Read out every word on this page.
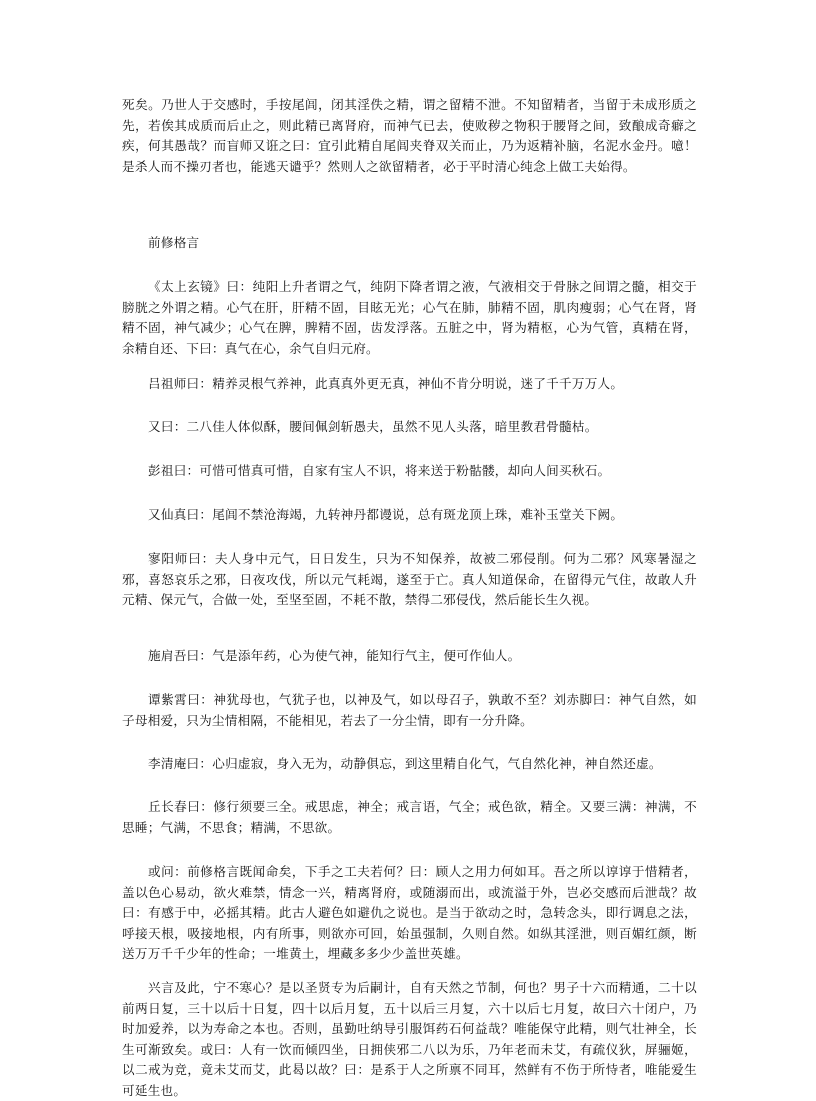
死矣。乃世人于交感时，手按尾闾，闭其淫佚之精，谓之留精不泄。不知留精者，当留于未成形质之先，若俟其成质而后止之，则此精已离肾府，而神气已去，使败秽之物积于腰肾之间，致酿成奇癖之疾，何其愚哉？而盲师又诳之曰：宜引此精自尾闾夹脊双关而止，乃为返精补脑，名泥水金丹。噫！是杀人而不操刃者也，能逃天谴乎？然则人之欲留精者，必于平时清心纯念上做工夫始得。

前修格言

《太上玄镜》曰：纯阳上升者谓之气，纯阴下降者谓之液，气液相交于骨脉之间谓之髓，相交于膀胱之外谓之精。心气在肝，肝精不固，目眩无光；心气在肺，肺精不固，肌肉瘦弱；心气在肾，肾精不固，神气减少；心气在脾，脾精不固，齿发浮落。五脏之中，肾为精枢，心为气管，真精在肾，余精自还、下曰：真气在心，余气自归元府。

吕祖师曰：精养灵根气养神，此真真外更无真，神仙不肯分明说，迷了千千万万人。

又曰：二八佳人体似酥，腰间佩剑斩愚夫，虽然不见人头落，暗里教君骨髓枯。

彭祖曰：可惜可惜真可惜，自家有宝人不识，将来送于粉骷髅，却向人间买秋石。

又仙真曰：尾闾不禁沧海竭，九转神丹都谩说，总有斑龙顶上珠，难补玉堂关下阙。

寥阳师曰：夫人身中元气，日日发生，只为不知保养，故被二邪侵削。何为二邪？风寒暑湿之邪，喜怒哀乐之邪，日夜攻伐，所以元气耗竭，遂至于亡。真人知道保命，在留得元气住，故敢人升元精、保元气，合做一处，至坚至固，不耗不散，禁得二邪侵伐，然后能长生久视。

施肩吾曰：气是添年药，心为使气神，能知行气主，便可作仙人。

谭紫霄曰：神犹母也，气犹子也，以神及气，如以母召子，孰敢不至？刘赤脚曰：神气自然，如子母相爱，只为尘情相隔，不能相见，若去了一分尘情，即有一分升降。

李清庵曰：心归虚寂，身入无为，动静俱忘，到这里精自化气，气自然化神，神自然还虚。

丘长春曰：修行须要三全。戒思虑，神全；戒言语，气全；戒色欲，精全。又要三满：神满，不思睡；气满，不思食；精满，不思欲。

或问：前修格言既闻命矣，下手之工夫若何？曰：顾人之用力何如耳。吾之所以谆谆于惜精者，盖以色心易动，欲火难禁，情念一兴，精离肾府，或随溺而出，或流溢于外，岂必交感而后泄哉？故曰：有感于中，必摇其精。此古人避色如避仇之说也。是当于欲动之时，急转念头，即行调息之法，呼接天根，吸接地根，内有所事，则欲亦可回，始虽强制，久则自然。如纵其淫泄，则百媚红颜，断送万万千千少年的性命；一堆黄土，埋藏多多少少盖世英雄。

兴言及此，宁不寒心？是以圣贤专为后嗣计，自有天然之节制，何也？男子十六而精通，二十以前两日复，三十以后十日复，四十以后月复，五十以后三月复，六十以后七月复，故曰六十闭户，乃时加爱养，以为寿命之本也。否则，虽勤吐纳导引服饵药石何益哉？唯能保守此精，则气壮神全，长生可渐致矣。或曰：人有一饮而倾四坐，日拥侠邪二八以为乐，乃年老而未艾，有疏仪狄，屏骊姬，以二戒为竞，竟未艾而艾，此曷以故？曰：是系于人之所禀不同耳，然鲜有不伤于所恃者，唯能爱生可延生也。
